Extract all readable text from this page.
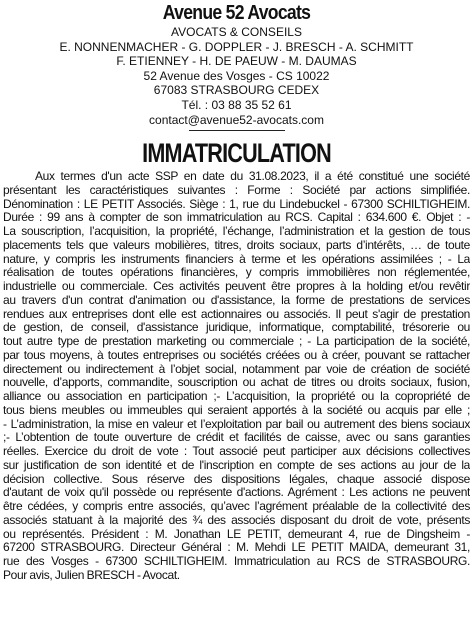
Avenue 52 Avocats
AVOCATS & CONSEILS
E. NONNENMACHER - G. DOPPLER - J. BRESCH - A. SCHMITT
F. ETIENNEY - H. DE PAEUW - M. DAUMAS
52 Avenue des Vosges - CS 10022
67083 STRASBOURG CEDEX
Tél. : 03 88 35 52 61
contact@avenue52-avocats.com
IMMATRICULATION
Aux termes d'un acte SSP en date du 31.08.2023, il a été constitué une société
présentant les caractéristiques suivantes : Forme : Société par actions simplifiée.
Dénomination : LE PETIT Associés. Siège : 1, rue du Lindebuckel - 67300 SCHILTIGHEIM.
Durée : 99 ans à compter de son immatriculation au RCS. Capital : 634.600 €. Objet : -
La souscription, l’acquisition, la propriété, l’échange, l’administration et la gestion de tous
placements tels que valeurs mobilières, titres, droits sociaux, parts d’intérêts, … de toute
nature, y compris les instruments financiers à terme et les opérations assimilées ; - La
réalisation de toutes opérations financières, y compris immobilières non réglementée,
industrielle ou commerciale. Ces activités peuvent être propres à la holding et/ou revêtir
au travers d'un contrat d'animation ou d'assistance, la forme de prestations de services
rendues aux entreprises dont elle est actionnaires ou associés. Il peut s'agir de prestation
de gestion, de conseil, d'assistance juridique, informatique, comptabilité, trésorerie ou
tout autre type de prestation marketing ou commerciale ; - La participation de la société,
par tous moyens, à toutes entreprises ou sociétés créées ou à créer, pouvant se rattacher
directement ou indirectement à l’objet social, notamment par voie de création de société
nouvelle, d’apports, commandite, souscription ou achat de titres ou droits sociaux, fusion,
alliance ou association en participation ;- L’acquisition, la propriété ou la copropriété de
tous biens meubles ou immeubles qui seraient apportés à la société ou acquis par elle ;
- L’administration, la mise en valeur et l’exploitation par bail ou autrement des biens sociaux
;- L’obtention de toute ouverture de crédit et facilités de caisse, avec ou sans garanties
réelles. Exercice du droit de vote : Tout associé peut participer aux décisions collectives
sur justification de son identité et de l'inscription en compte de ses actions au jour de la
décision collective. Sous réserve des dispositions légales, chaque associé dispose
d'autant de voix qu'il possède ou représente d'actions. Agrément : Les actions ne peuvent
être cédées, y compris entre associés, qu’avec l’agrément préalable de la collectivité des
associés statuant à la majorité des ¾ des associés disposant du droit de vote, présents
ou représentés. Président : M. Jonathan LE PETIT, demeurant 4, rue de Dingsheim -
67200 STRASBOURG. Directeur Général : M. Mehdi LE PETIT MAIDA, demeurant 31,
rue des Vosges - 67300 SCHILTIGHEIM. Immatriculation au RCS de STRASBOURG.
Pour avis, Julien BRESCH - Avocat.
